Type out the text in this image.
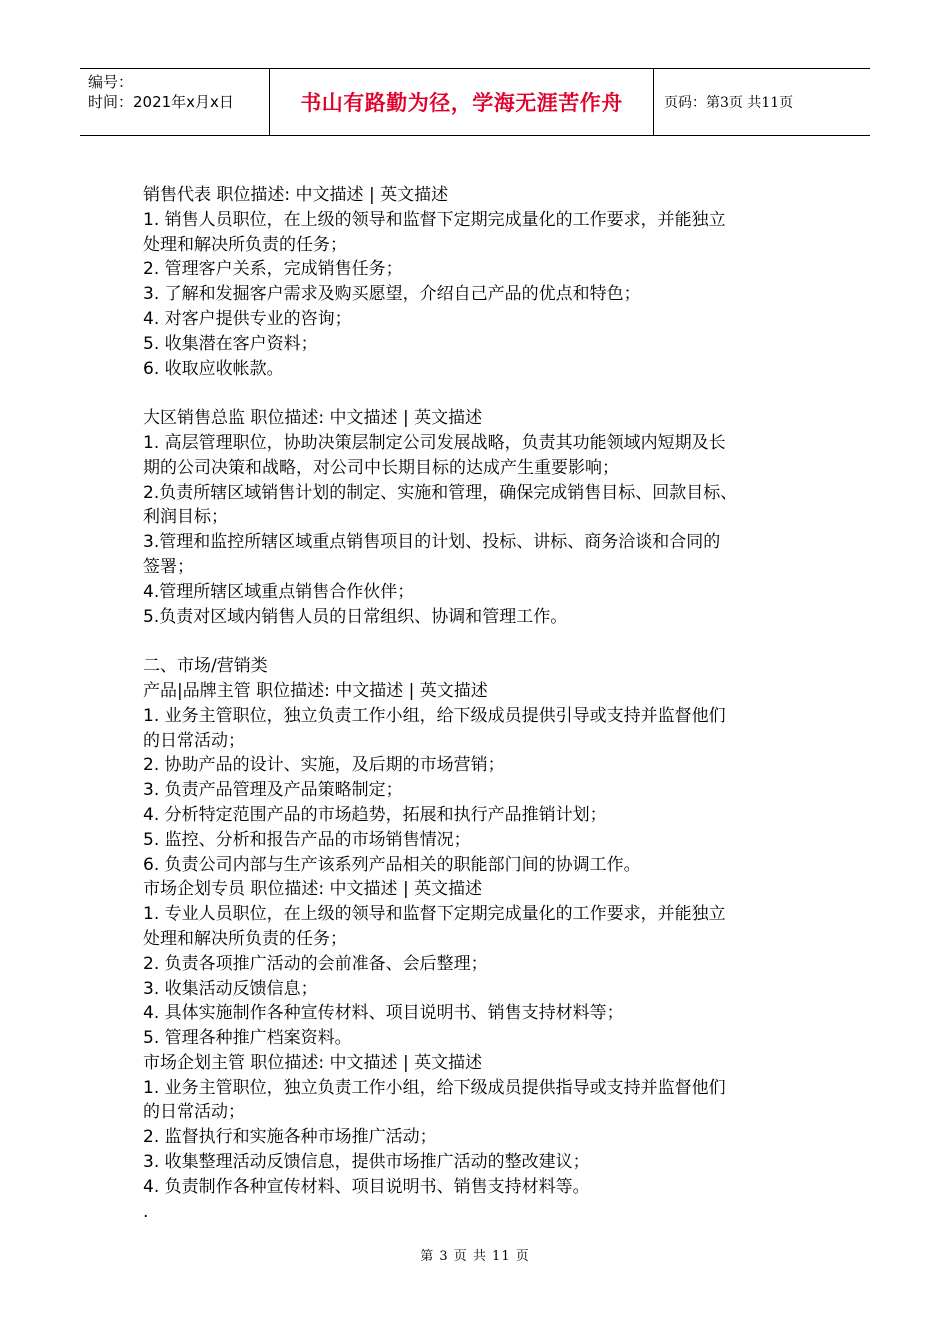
编号：
时间：2021年x月x日	书山有路勤为径，学海无涯苦作舟	页码：第3页 共11页
销售代表 职位描述: 中文描述 | 英文描述
1. 销售人员职位，在上级的领导和监督下定期完成量化的工作要求，并能独立
处理和解决所负责的任务；
2. 管理客户关系，完成销售任务；
3. 了解和发掘客户需求及购买愿望，介绍自己产品的优点和特色；
4. 对客户提供专业的咨询；
5. 收集潜在客户资料；
6. 收取应收帐款。
大区销售总监 职位描述: 中文描述 | 英文描述
1. 高层管理职位，协助决策层制定公司发展战略，负责其功能领域内短期及长
期的公司决策和战略，对公司中长期目标的达成产生重要影响；
2.负责所辖区域销售计划的制定、实施和管理，确保完成销售目标、回款目标、
利润目标；
3.管理和监控所辖区域重点销售项目的计划、投标、讲标、商务洽谈和合同的
签署；
4.管理所辖区域重点销售合作伙伴；
5.负责对区域内销售人员的日常组织、协调和管理工作。
二、市场/营销类
产品|品牌主管 职位描述: 中文描述 | 英文描述
1. 业务主管职位，独立负责工作小组，给下级成员提供引导或支持并监督他们
的日常活动；
2. 协助产品的设计、实施，及后期的市场营销；
3. 负责产品管理及产品策略制定；
4. 分析特定范围产品的市场趋势，拓展和执行产品推销计划；
5. 监控、分析和报告产品的市场销售情况；
6. 负责公司内部与生产该系列产品相关的职能部门间的协调工作。
市场企划专员 职位描述: 中文描述 | 英文描述
1. 专业人员职位，在上级的领导和监督下定期完成量化的工作要求，并能独立
处理和解决所负责的任务；
2. 负责各项推广活动的会前准备、会后整理；
3. 收集活动反馈信息；
4. 具体实施制作各种宣传材料、项目说明书、销售支持材料等；
5. 管理各种推广档案资料。
市场企划主管 职位描述: 中文描述 | 英文描述
1. 业务主管职位，独立负责工作小组，给下级成员提供指导或支持并监督他们
的日常活动；
2. 监督执行和实施各种市场推广活动；
3. 收集整理活动反馈信息，提供市场推广活动的整改建议；
4. 负责制作各种宣传材料、项目说明书、销售支持材料等。
.
第 3 页 共 11 页
